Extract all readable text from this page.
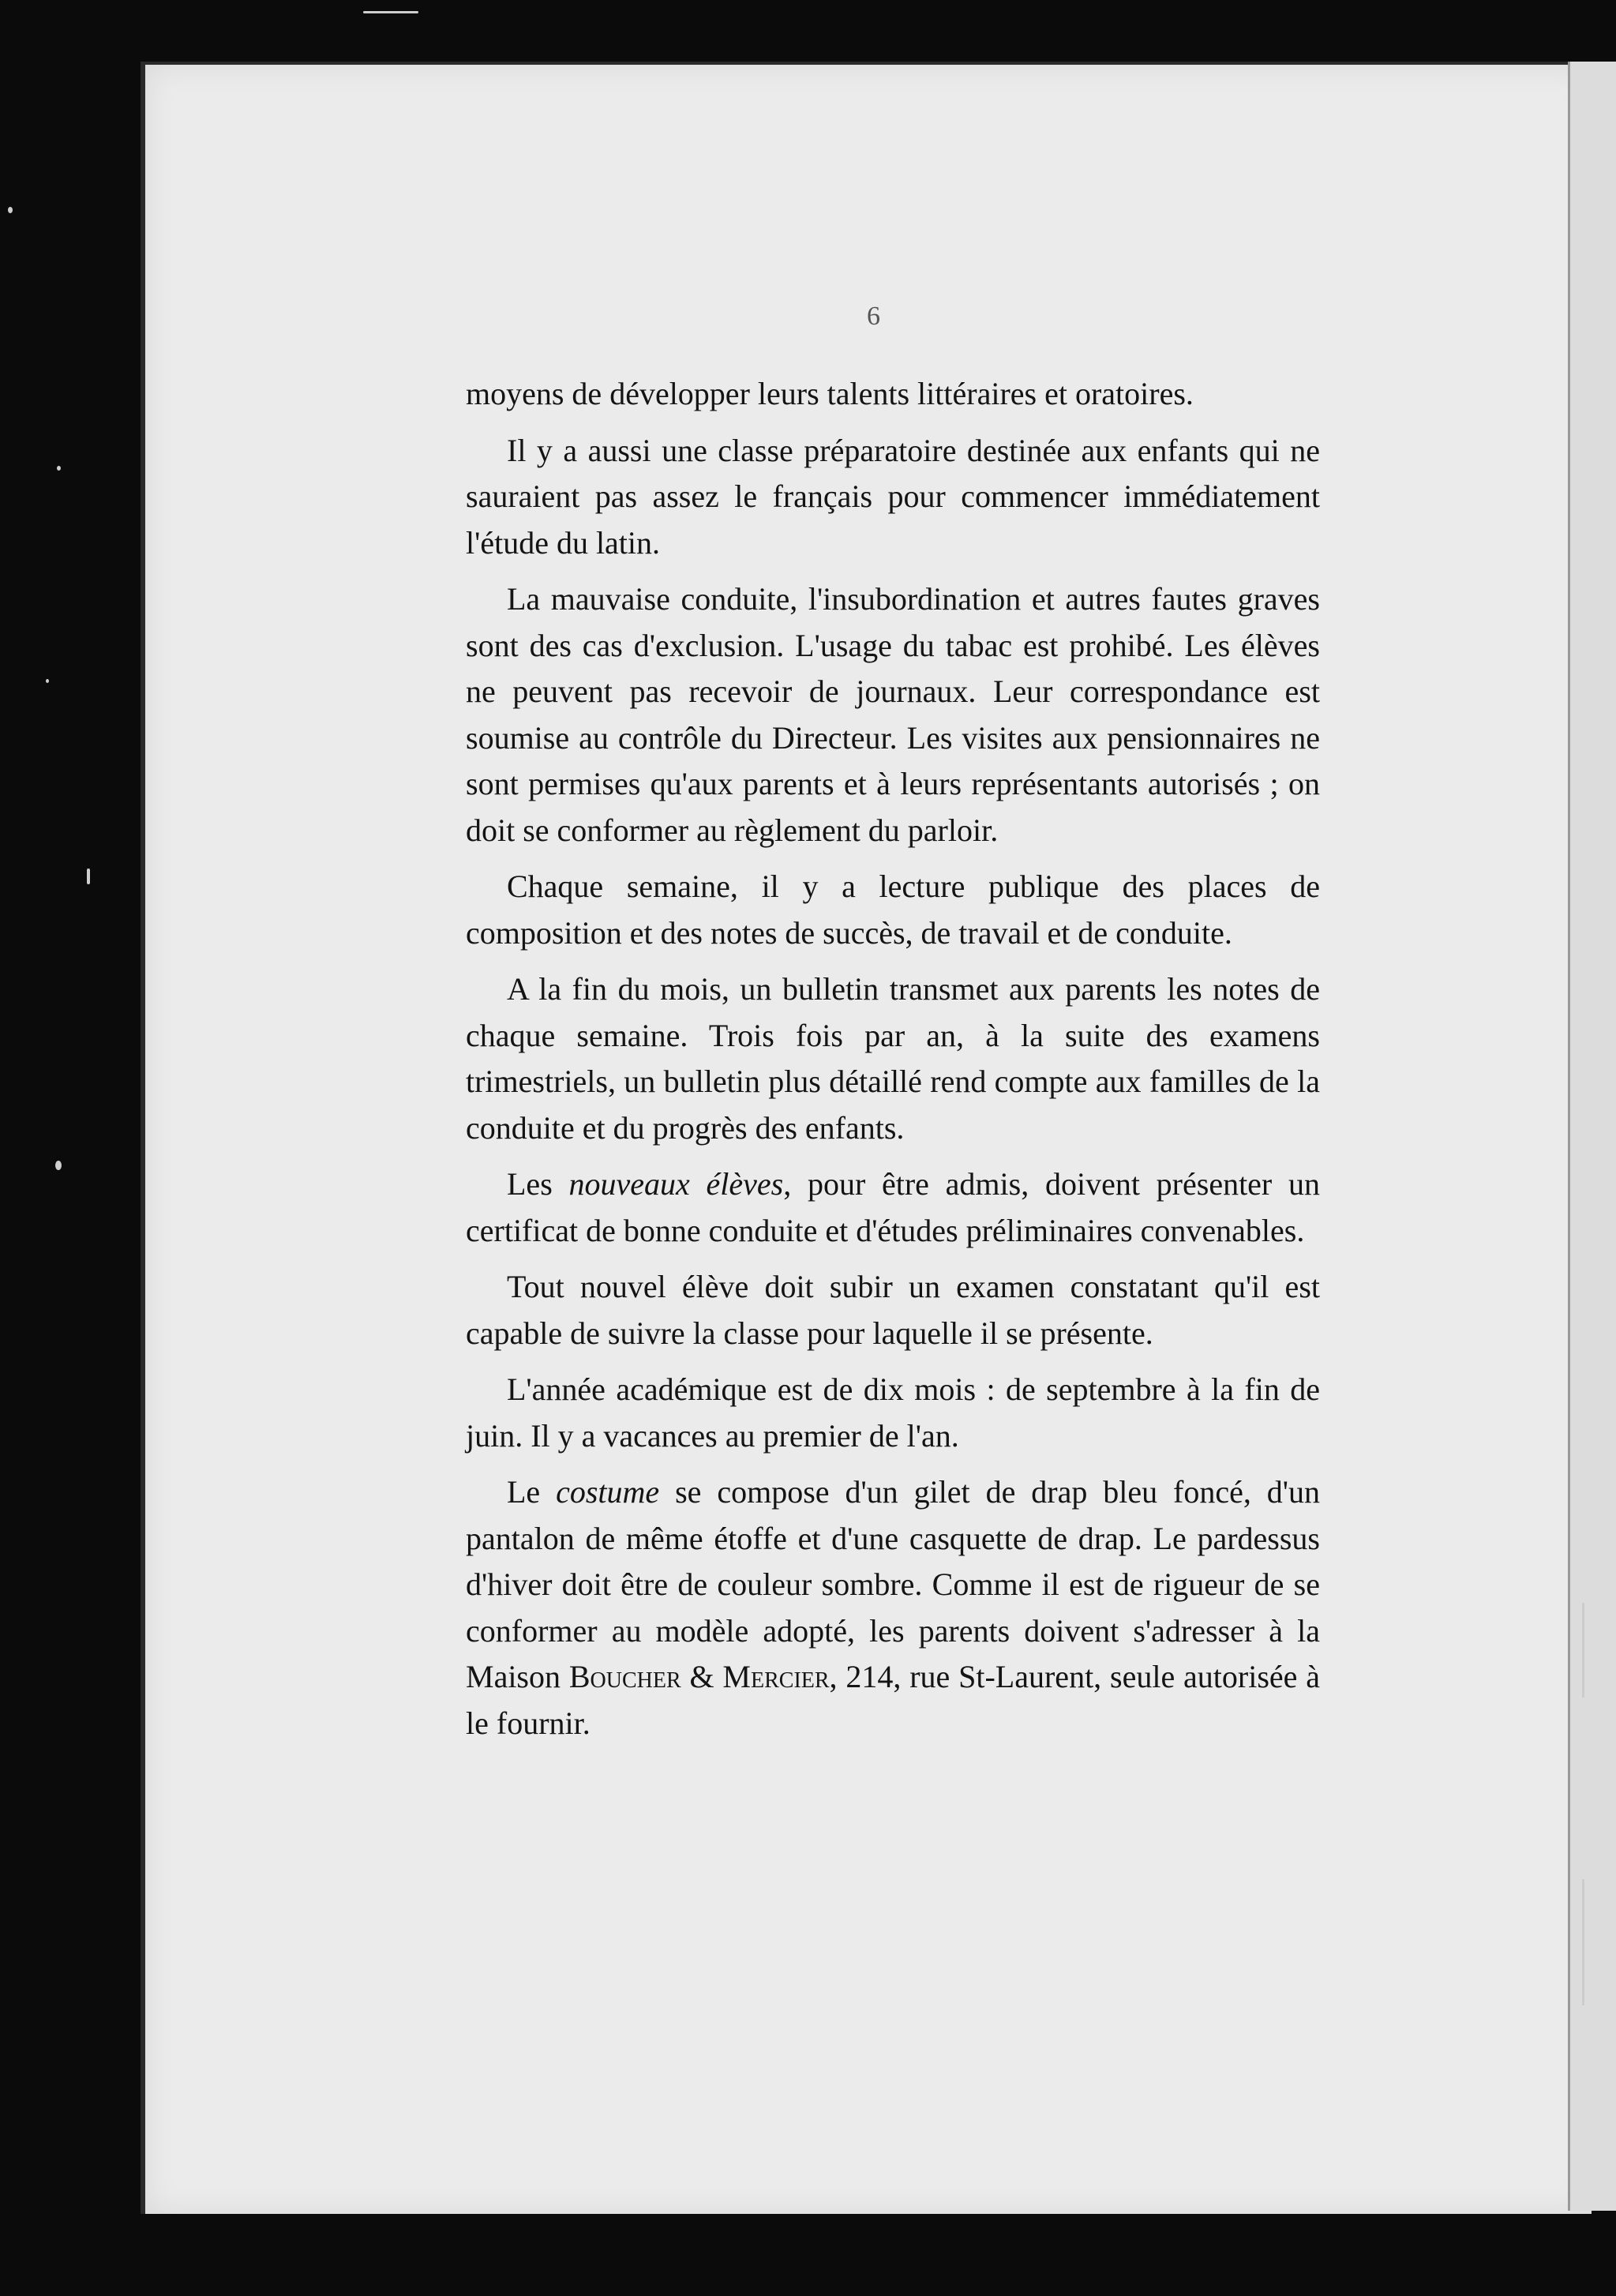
6

moyens de développer leurs talents littéraires et oratoires.

Il y a aussi une classe préparatoire destinée aux enfants qui ne sauraient pas assez le français pour commencer immédiatement l'étude du latin.

La mauvaise conduite, l'insubordination et autres fautes graves sont des cas d'exclusion. L'usage du tabac est prohibé. Les élèves ne peuvent pas recevoir de journaux. Leur correspondance est soumise au contrôle du Directeur. Les visites aux pensionnaires ne sont permises qu'aux parents et à leurs représentants autorisés ; on doit se conformer au règlement du parloir.

Chaque semaine, il y a lecture publique des places de composition et des notes de succès, de travail et de conduite.

A la fin du mois, un bulletin transmet aux parents les notes de chaque semaine. Trois fois par an, à la suite des examens trimestriels, un bulletin plus détaillé rend compte aux familles de la conduite et du progrès des enfants.

Les nouveaux élèves, pour être admis, doivent présenter un certificat de bonne conduite et d'études préliminaires convenables.

Tout nouvel élève doit subir un examen constatant qu'il est capable de suivre la classe pour laquelle il se présente.

L'année académique est de dix mois : de septembre à la fin de juin. Il y a vacances au premier de l'an.

Le costume se compose d'un gilet de drap bleu foncé, d'un pantalon de même étoffe et d'une casquette de drap. Le pardessus d'hiver doit être de couleur sombre. Comme il est de rigueur de se conformer au modèle adopté, les parents doivent s'adresser à la Maison Boucher & Mercier, 214, rue St-Laurent, seule autorisée à le fournir.
